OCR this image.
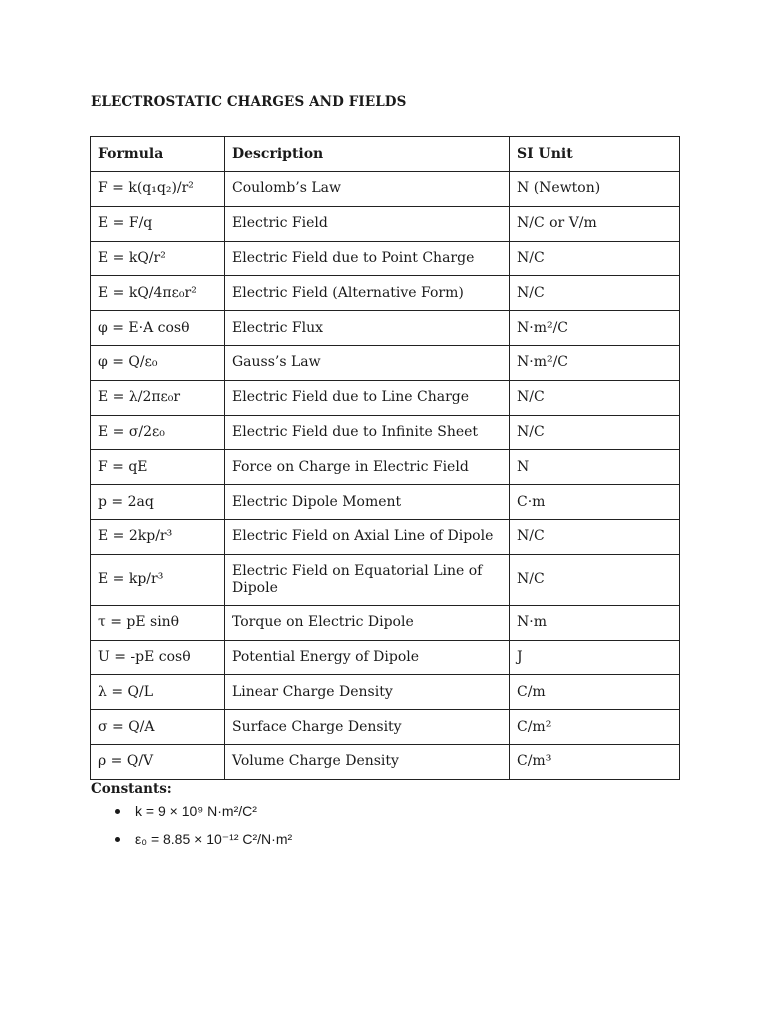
ELECTROSTATIC CHARGES AND FIELDS
Formula	Description	SI Unit
F = k(q₁q₂)/r²	Coulomb’s Law	N (Newton)
E = F/q	Electric Field	N/C or V/m
E = kQ/r²	Electric Field due to Point Charge	N/C
E = kQ/4πε₀r²	Electric Field (Alternative Form)	N/C
φ = E·A cosθ	Electric Flux	N·m²/C
φ = Q/ε₀	Gauss’s Law	N·m²/C
E = λ/2πε₀r	Electric Field due to Line Charge	N/C
E = σ/2ε₀	Electric Field due to Infinite Sheet	N/C
F = qE	Force on Charge in Electric Field	N
p = 2aq	Electric Dipole Moment	C·m
E = 2kp/r³	Electric Field on Axial Line of Dipole	N/C
E = kp/r³	Electric Field on Equatorial Line of Dipole	N/C
τ = pE sinθ	Torque on Electric Dipole	N·m
U = -pE cosθ	Potential Energy of Dipole	J
λ = Q/L	Linear Charge Density	C/m
σ = Q/A	Surface Charge Density	C/m²
ρ = Q/V	Volume Charge Density	C/m³

Constants:

k = 9 × 10⁹ N·m²/C²
ε₀ = 8.85 × 10⁻¹² C²/N·m²
